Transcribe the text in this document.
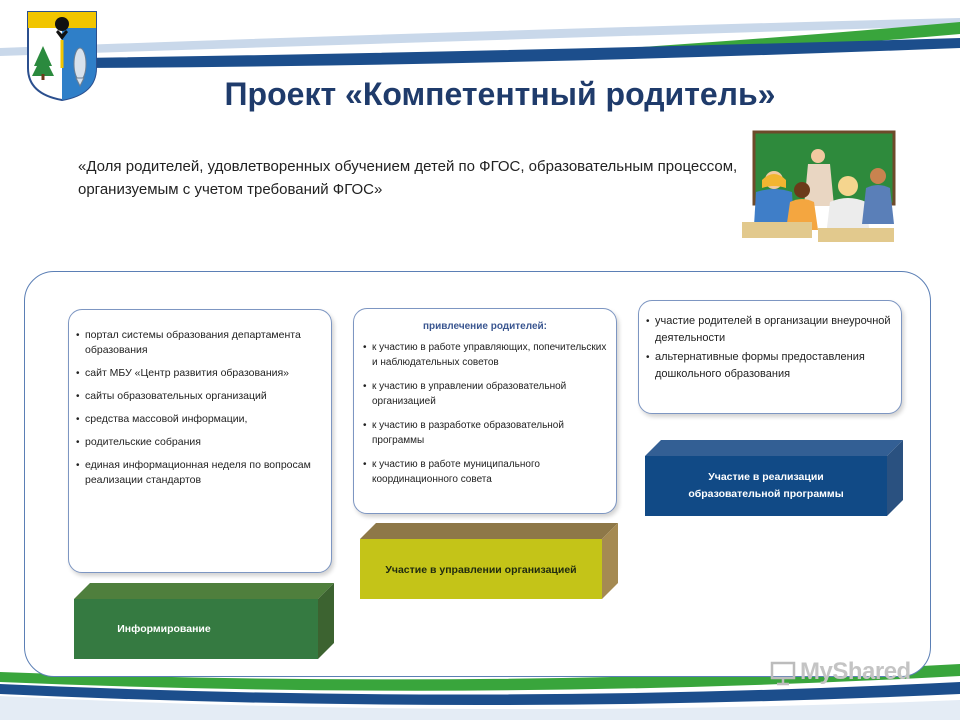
Проект «Компетентный родитель»
«Доля родителей, удовлетворенных обучением детей по ФГОС, образовательным процессом, организуемым с учетом требований ФГОС»
• портал системы образования департамента образования
• сайт МБУ «Центр развития образования»
• сайты образовательных организаций
• средства массовой информации,
• родительские собрания
• единая информационная неделя по вопросам реализации стандартов
привлечение родителей:
• к участию в работе управляющих, попечительских и наблюдательных советов
• к участию в управлении образовательной организацией
• к участию в разработке образовательной программы
• к участию в работе муниципального координационного совета
• участие родителей в организации внеурочной деятельности
• альтернативные формы предоставления дошкольного образования
Информирование
Участие в управлении организацией
Участие в реализации образовательной программы
MyShared
